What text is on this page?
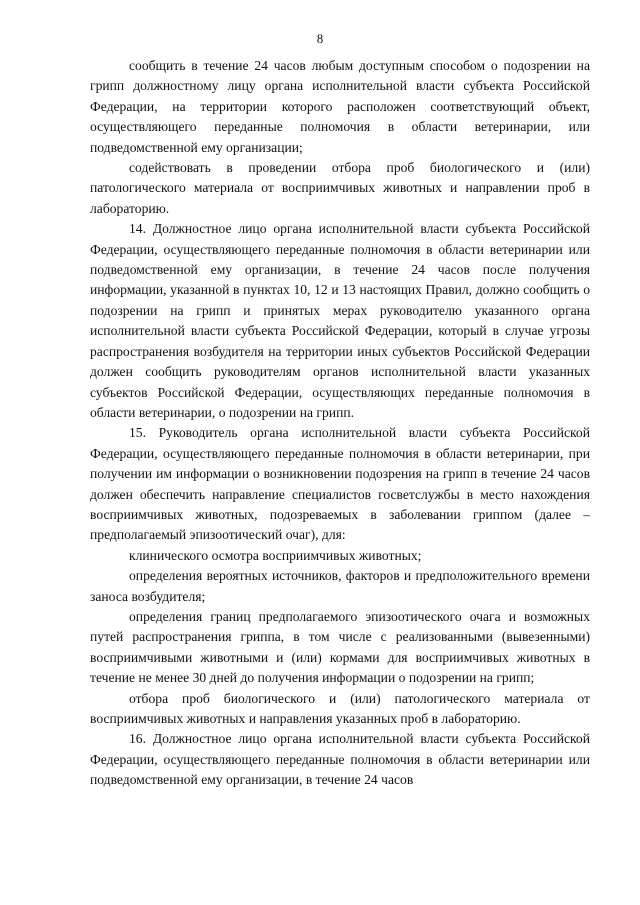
8

сообщить в течение 24 часов любым доступным способом о подозрении на грипп должностному лицу органа исполнительной власти субъекта Российской Федерации, на территории которого расположен соответствующий объект, осуществляющего переданные полномочия в области ветеринарии, или подведомственной ему организации;

содействовать в проведении отбора проб биологического и (или) патологического материала от восприимчивых животных и направлении проб в лабораторию.

14. Должностное лицо органа исполнительной власти субъекта Российской Федерации, осуществляющего переданные полномочия в области ветеринарии или подведомственной ему организации, в течение 24 часов после получения информации, указанной в пунктах 10, 12 и 13 настоящих Правил, должно сообщить о подозрении на грипп и принятых мерах руководителю указанного органа исполнительной власти субъекта Российской Федерации, который в случае угрозы распространения возбудителя на территории иных субъектов Российской Федерации должен сообщить руководителям органов исполнительной власти указанных субъектов Российской Федерации, осуществляющих переданные полномочия в области ветеринарии, о подозрении на грипп.

15. Руководитель органа исполнительной власти субъекта Российской Федерации, осуществляющего переданные полномочия в области ветеринарии, при получении им информации о возникновении подозрения на грипп в течение 24 часов должен обеспечить направление специалистов госветслужбы в место нахождения восприимчивых животных, подозреваемых в заболевании гриппом (далее – предполагаемый эпизоотический очаг), для:

клинического осмотра восприимчивых животных;

определения вероятных источников, факторов и предположительного времени заноса возбудителя;

определения границ предполагаемого эпизоотического очага и возможных путей распространения гриппа, в том числе с реализованными (вывезенными) восприимчивыми животными и (или) кормами для восприимчивых животных в течение не менее 30 дней до получения информации о подозрении на грипп;

отбора проб биологического и (или) патологического материала от восприимчивых животных и направления указанных проб в лабораторию.

16. Должностное лицо органа исполнительной власти субъекта Российской Федерации, осуществляющего переданные полномочия в области ветеринарии или подведомственной ему организации, в течение 24 часов
